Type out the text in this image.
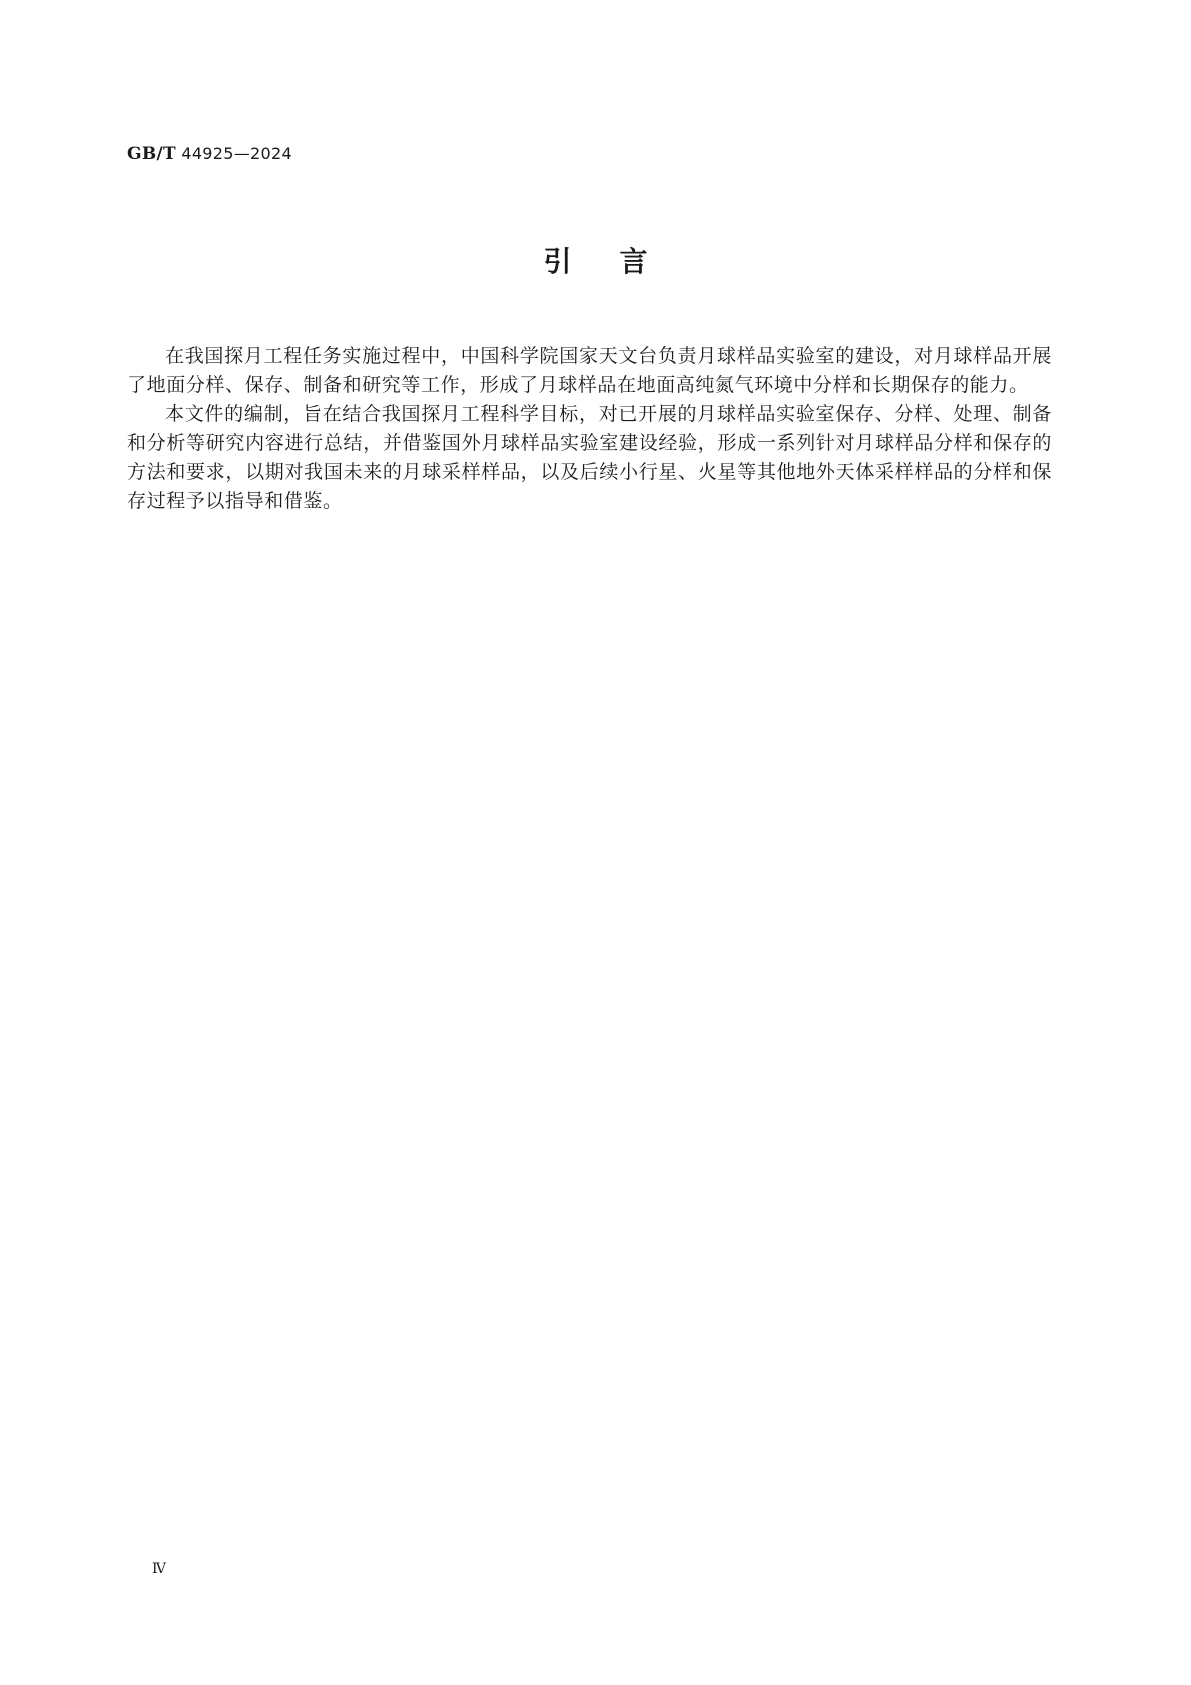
GB/T 44925—2024
引言

在我国探月工程任务实施过程中，中国科学院国家天文台负责月球样品实验室的建设，对月球样品开展了地面分样、保存、制备和研究等工作，形成了月球样品在地面高纯氮气环境中分样和长期保存的能力。

本文件的编制，旨在结合我国探月工程科学目标，对已开展的月球样品实验室保存、分样、处理、制备和分析等研究内容进行总结，并借鉴国外月球样品实验室建设经验，形成一系列针对月球样品分样和保存的方法和要求，以期对我国未来的月球采样样品，以及后续小行星、火星等其他地外天体采样样品的分样和保存过程予以指导和借鉴。

Ⅳ
